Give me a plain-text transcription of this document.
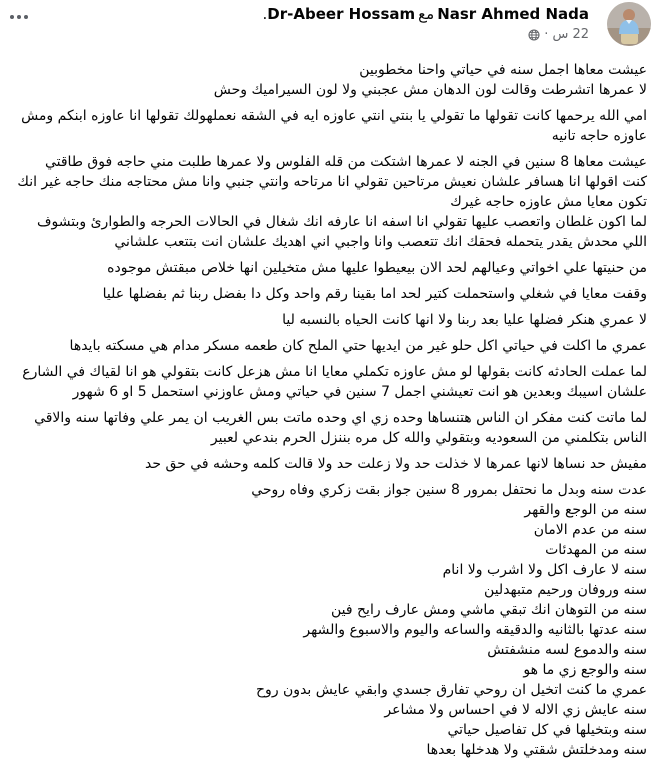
Nasr Ahmed NadaمعDr-Abeer Hossam.
22 س
·
عيشت معاها اجمل سنه في حياتي واحنا مخطوبين
لا عمرها اتشرطت وقالت لون الدهان مش عجبني ولا لون السيراميك وحش
امي الله يرحمها كانت تقولها ما تقولي يا بنتي انتي عاوزه ايه في الشقه نعملهولك تقولها انا عاوزه ابنكم ومش عاوزه حاجه تانيه
عيشت معاها 8 سنين في الجنه لا عمرها اشتكت من قله الفلوس ولا عمرها طلبت مني حاجه فوق طاقتي
كنت اقولها انا هسافر علشان نعيش مرتاحين تقولي انا مرتاحه وانتي جنبي وانا مش محتاجه منك حاجه غير انك تكون معايا مش عاوزه حاجه غيرك
لما اكون غلطان واتعصب عليها تقولي انا اسفه انا عارفه انك شغال في الحالات الحرجه والطوارئ وبتشوف اللي محدش يقدر يتحمله فحقك انك تتعصب وانا واجبي اني اهديك علشان انت بتتعب علشاني
من حنيتها علي اخواتي وعيالهم لحد الان بيعيطوا عليها مش متخيلين انها خلاص مبقتش موجوده
وقفت معايا في شغلي واستحملت كتير لحد اما بقينا رقم واحد وكل دا بفضل ربنا ثم بفضلها عليا
لا عمري هنكر فضلها عليا بعد ربنا ولا انها كانت الحياه بالنسبه ليا
عمري ما اكلت في حياتي اكل حلو غير من ايديها حتي الملح كان طعمه مسكر مدام هي مسكته بايدها
لما عملت الحادثه كانت بقولها لو مش عاوزه تكملي معايا انا مش هزعل كانت بتقولي هو انا لقياك في الشارع علشان اسيبك وبعدين هو انت تعيشني اجمل 7 سنين في حياتي ومش عاوزني استحمل 5 او 6 شهور
لما ماتت كنت مفكر ان الناس هتنساها وحده زي اي وحده ماتت بس الغريب ان يمر علي وفاتها سنه والاقي الناس بتكلمني من السعوديه وبتقولي والله كل مره بننزل الحرم بندعي لعبير
مفيش حد نساها لانها عمرها لا خذلت حد ولا زعلت حد ولا قالت كلمه وحشه في حق حد
عدت سنه وبدل ما نحتفل بمرور 8 سنين جواز بقت زكري وفاه روحي
سنه من الوجع والقهر
سنه من عدم الامان
سنه من المهدئات
سنه لا عارف اكل ولا اشرب ولا انام
سنه وروفان ورحيم متبهدلين
سنه من التوهان انك تبقي ماشي ومش عارف رايح فين
سنه عدتها بالثانيه والدقيقه والساعه واليوم والاسبوع والشهر
سنه والدموع لسه منشفتش
سنه والوجع زي ما هو
عمري ما كنت اتخيل ان روحي تفارق جسدي وابقي عايش بدون روح
سنه عايش زي الاله لا في احساس ولا مشاعر
سنه وبتخيلها في كل تفاصيل حياتي
سنه ومدخلتش شقتي ولا هدخلها بعدها
